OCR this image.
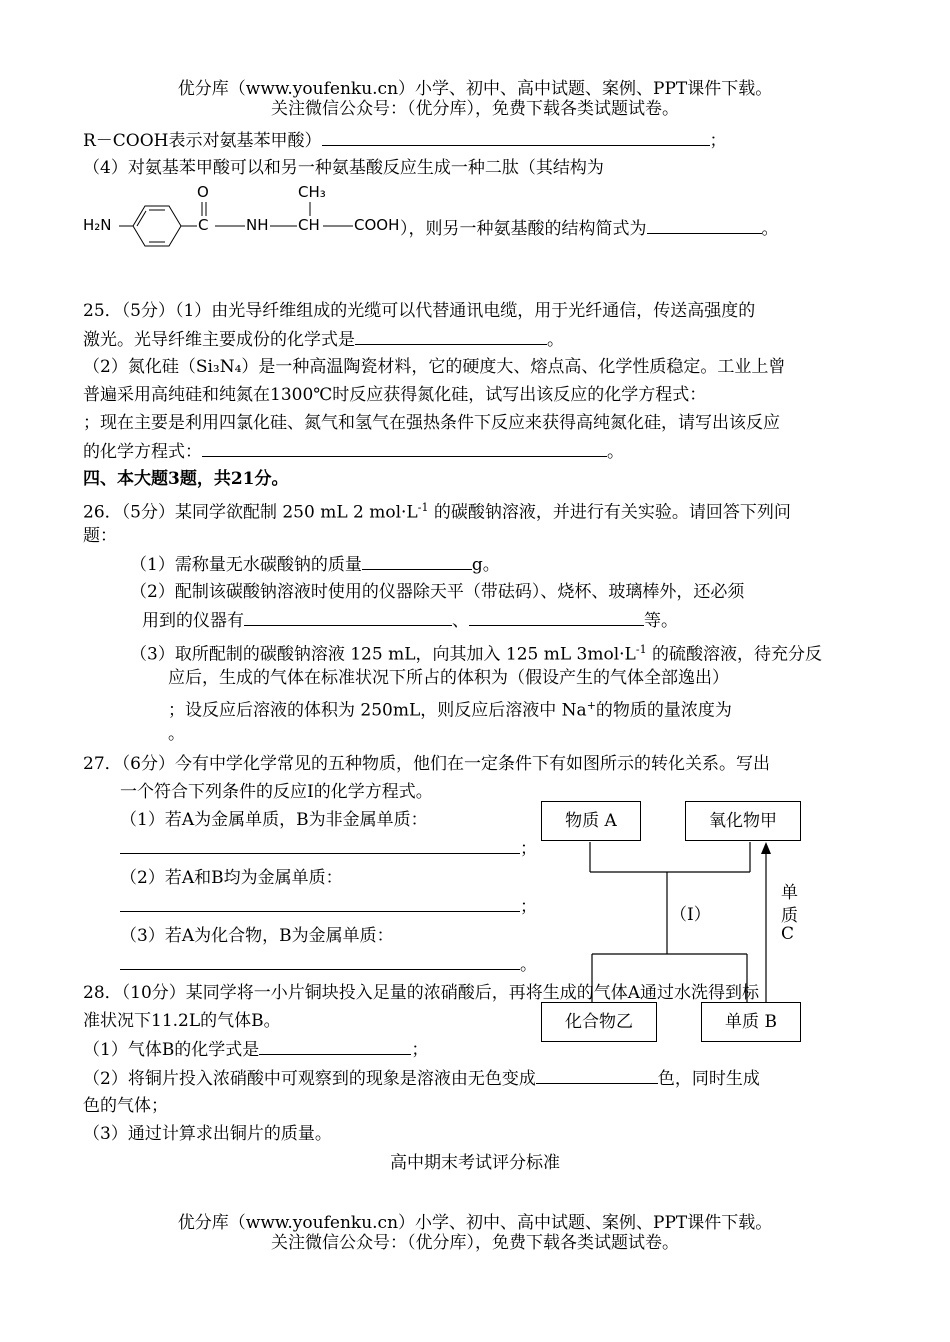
优分库（www.youfenku.cn）小学、初中、高中试题、案例、PPT课件下载。
关注微信公众号：（优分库），免费下载各类试题试卷。
R－COOH表示对氨基苯甲酸）	；
（4）对氨基苯甲酸可以和另一种氨基酸反应生成一种二肽（其结构为
H₂N
O
C	NH CH
CH₃
COOH ），则另一种氨基酸的结构简式为	。
25．（5分）（1）由光导纤维组成的光缆可以代替通讯电缆，用于光纤通信，传送高强度的
激光。光导纤维主要成份的化学式是	。
（2）氮化硅（Si₃N₄）是一种高温陶瓷材料，它的硬度大、熔点高、化学性质稳定。工业上曾
普遍采用高纯硅和纯氮在1300℃时反应获得氮化硅，试写出该反应的化学方程式：
；现在主要是利用四氯化硅、氮气和氢气在强热条件下反应来获得高纯氮化硅，请写出该反应
的化学方程式：	。
四、本大题3题，共21分。
26．（5分）某同学欲配制 250 mL 2 $mol\cdot L^{-1}$ 的碳酸钠溶液，并进行有关实验。请回答下列问
题：
（1）需称量无水碳酸钠的质量	g。
（2）配制该碳酸钠溶液时使用的仪器除天平（带砝码）、烧杯、玻璃棒外，还必须
用到的仪器有	、	等。
（3）取所配制的碳酸钠溶液 125 mL，向其加入 125 mL $3mol\cdot L^{-1}$ 的硫酸溶液，待充分反
应后，生成的气体在标准状况下所占的体积为（假设产生的气体全部逸出）
；设反应后溶液的体积为 250mL，则反应后溶液中 Na+的物质的量浓度为
。
27．（6分）今有中学化学常见的五种物质，他们在一定条件下有如图所示的转化关系。写出
一个符合下列条件的反应Ⅰ的化学方程式。
（1）若A为金属单质，B为非金属单质：
；
（2）若A和B均为金属单质：
；
（3）若A为化合物，B为金属单质：
。
物质 A	氧化物甲
化合物乙	单质 B
（Ⅰ）
单
质
C
28．（10分）某同学将一小片铜块投入足量的浓硝酸后，再将生成的气体A通过水洗得到标
准状况下11.2L的气体B。
（1）气体B的化学式是	；
（2）将铜片投入浓硝酸中可观察到的现象是溶液由无色变成	色，同时生成
色的气体；
（3）通过计算求出铜片的质量。
高中期末考试评分标准
优分库（www.youfenku.cn）小学、初中、高中试题、案例、PPT课件下载。
关注微信公众号：（优分库），免费下载各类试题试卷。
